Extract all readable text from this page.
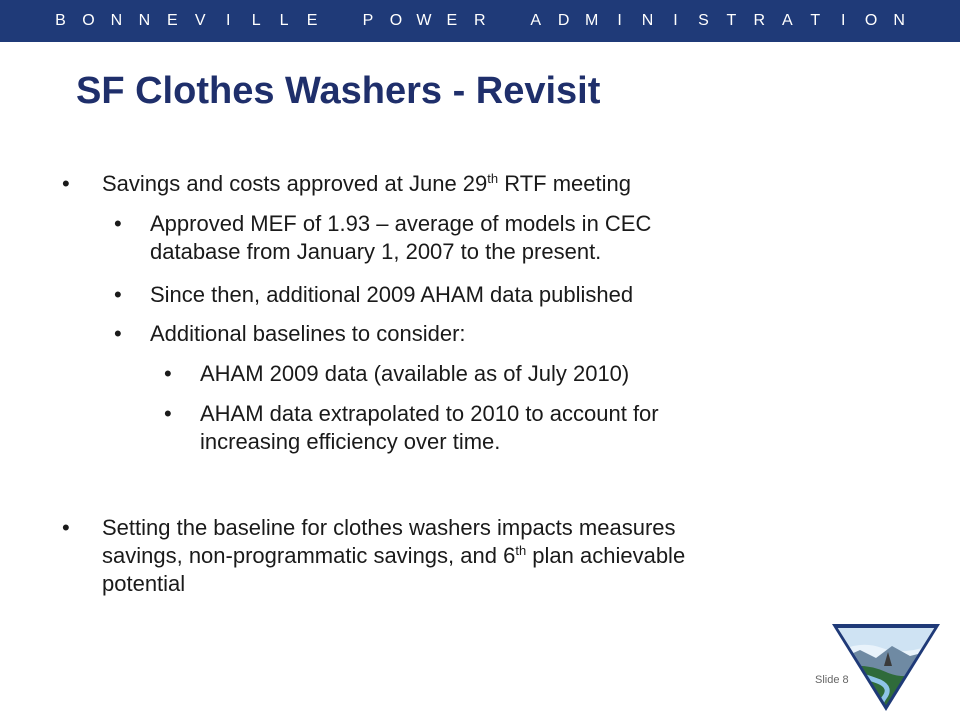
B O N N E V	I	L L E
	P O W E R
	A D M	I	N	I	S T R A T	I	O N
SF Clothes Washers - Revisit
• Savings and costs approved at June 29th RTF meeting
• Approved MEF of 1.93 – average of models in CEC
database from January 1, 2007 to the present.
• Since then, additional 2009 AHAM data published
• Additional baselines to consider:
• AHAM 2009 data (available as of July 2010)
• AHAM data extrapolated to 2010 to account for
increasing efficiency over time.
• Setting the baseline for clothes washers impacts measures
savings, non-programmatic savings, and 6th plan achievable
potential
Slide 8
